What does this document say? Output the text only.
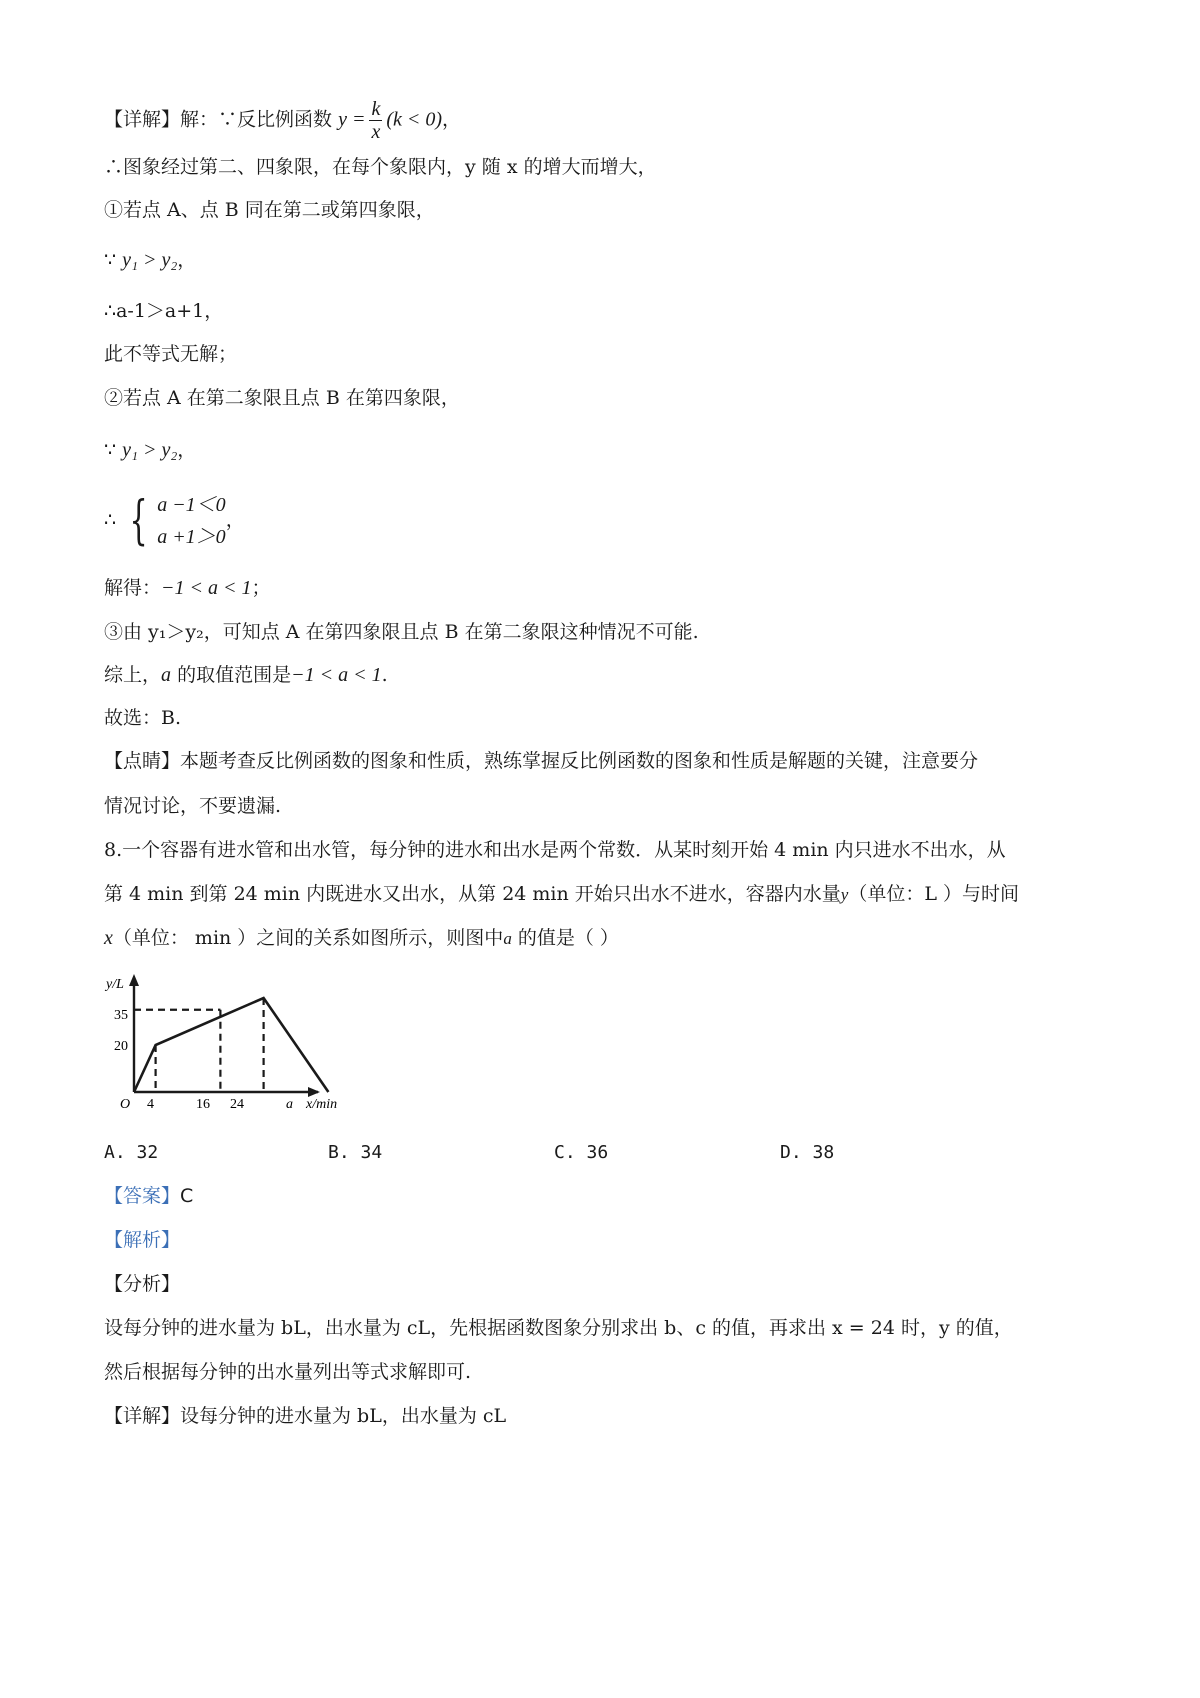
【详解】解：∵反比例函数 $y = \frac{k}{x} (k < 0)$，
∴图象经过第二、四象限，在每个象限内，y 随 x 的增大而增大，
①若点 A、点 B 同在第二或第四象限，
∵ y₁ > y₂，
∴a-1＞a+1，
此不等式无解；
②若点 A 在第二象限且点 B 在第四象限，
∵ y₁ > y₂，
∴ { a −1＜0
a +1＞0
，
解得：−1 < a < 1；
③由 y₁＞y₂，可知点 A 在第四象限且点 B 在第二象限这种情况不可能.
综上，a 的取值范围是−1 < a < 1.
故选：B.
【点睛】本题考查反比例函数的图象和性质，熟练掌握反比例函数的图象和性质是解题的关键，注意要分
情况讨论，不要遗漏.
8.一个容器有进水管和出水管，每分钟的进水和出水是两个常数．从某时刻开始 4 min 内只进水不出水，从
第 4 min 到第 24 min 内既进水又出水，从第 24 min 开始只出水不进水，容器内水量y（单位：L ）与时间
x（单位： min ）之间的关系如图所示，则图中a 的值是（ ）
y/L
x/min
O
35
20
4	16 24	a
A. 32	B. 34	C. 36	D. 38
【答案】C
【解析】
【分析】
设每分钟的进水量为 bL，出水量为 cL，先根据函数图象分别求出 b、c 的值，再求出 x = 24 时，y 的值，
然后根据每分钟的出水量列出等式求解即可.
【详解】设每分钟的进水量为 bL，出水量为 cL
